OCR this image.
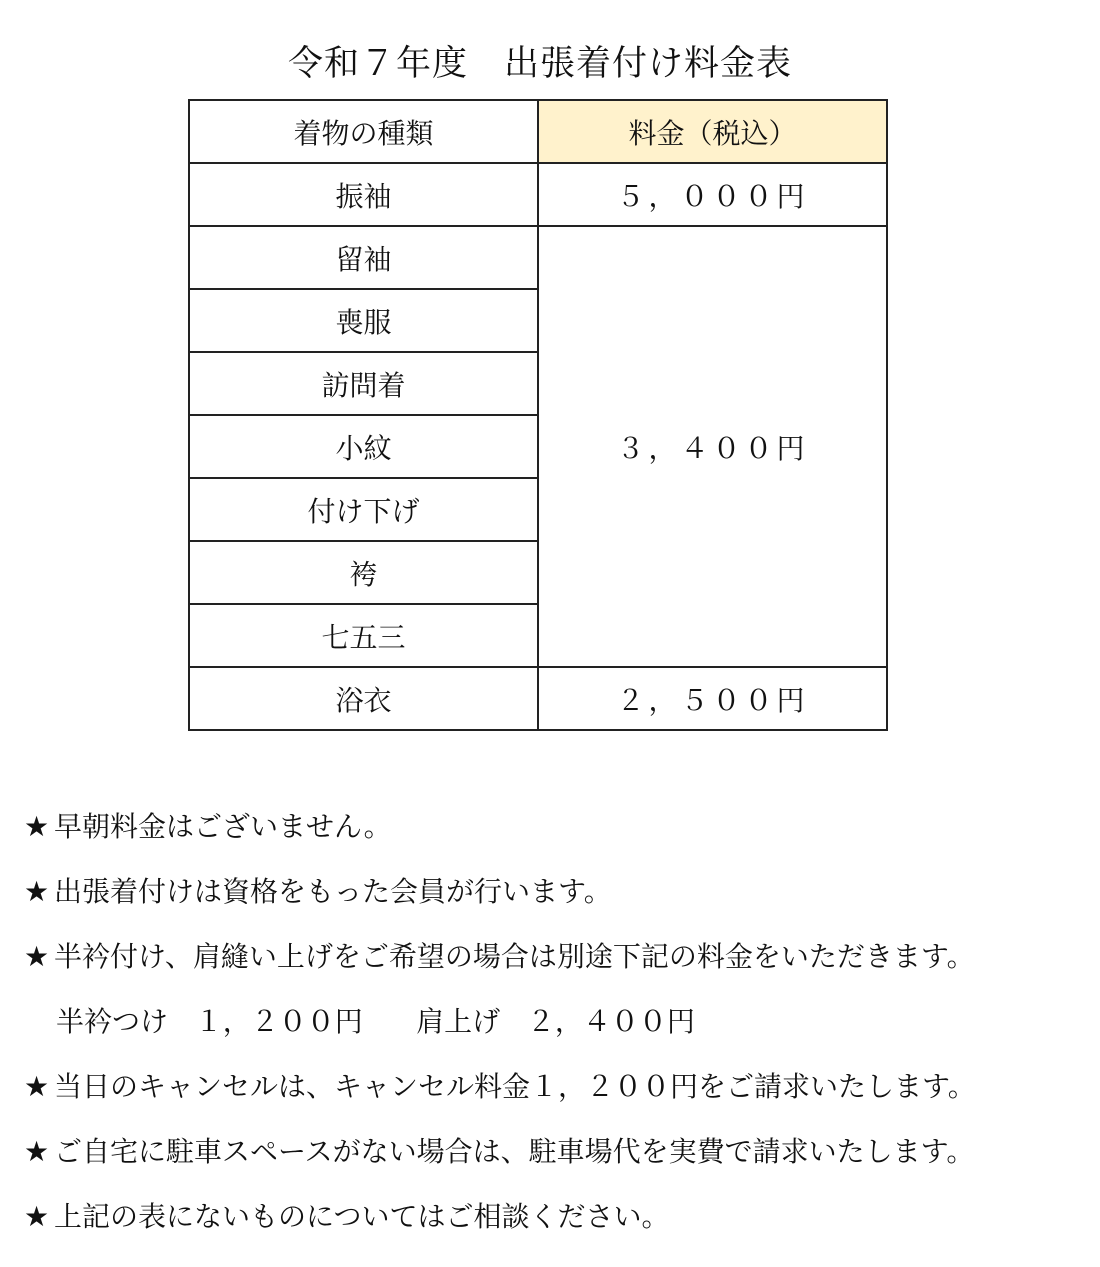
令和７年度　出張着付け料金表
着物の種類	料金（税込）
振袖	５，０００円
留袖	３，４００円
喪服	
訪問着	
小紋	
付け下げ	
袴	
七五三	
浴衣	２，５００円
★ 早朝料金はございません。
★ 出張着付けは資格をもった会員が行います。
★ 半衿付け、肩縫い上げをご希望の場合は別途下記の料金をいただきます。
半衿つけ １，２００円 肩上げ ２，４００円
★ 当日のキャンセルは、キャンセル料金１，２００円をご請求いたします。
★ ご自宅に駐車スペースがない場合は、駐車場代を実費で請求いたします。
★ 上記の表にないものについてはご相談ください。
